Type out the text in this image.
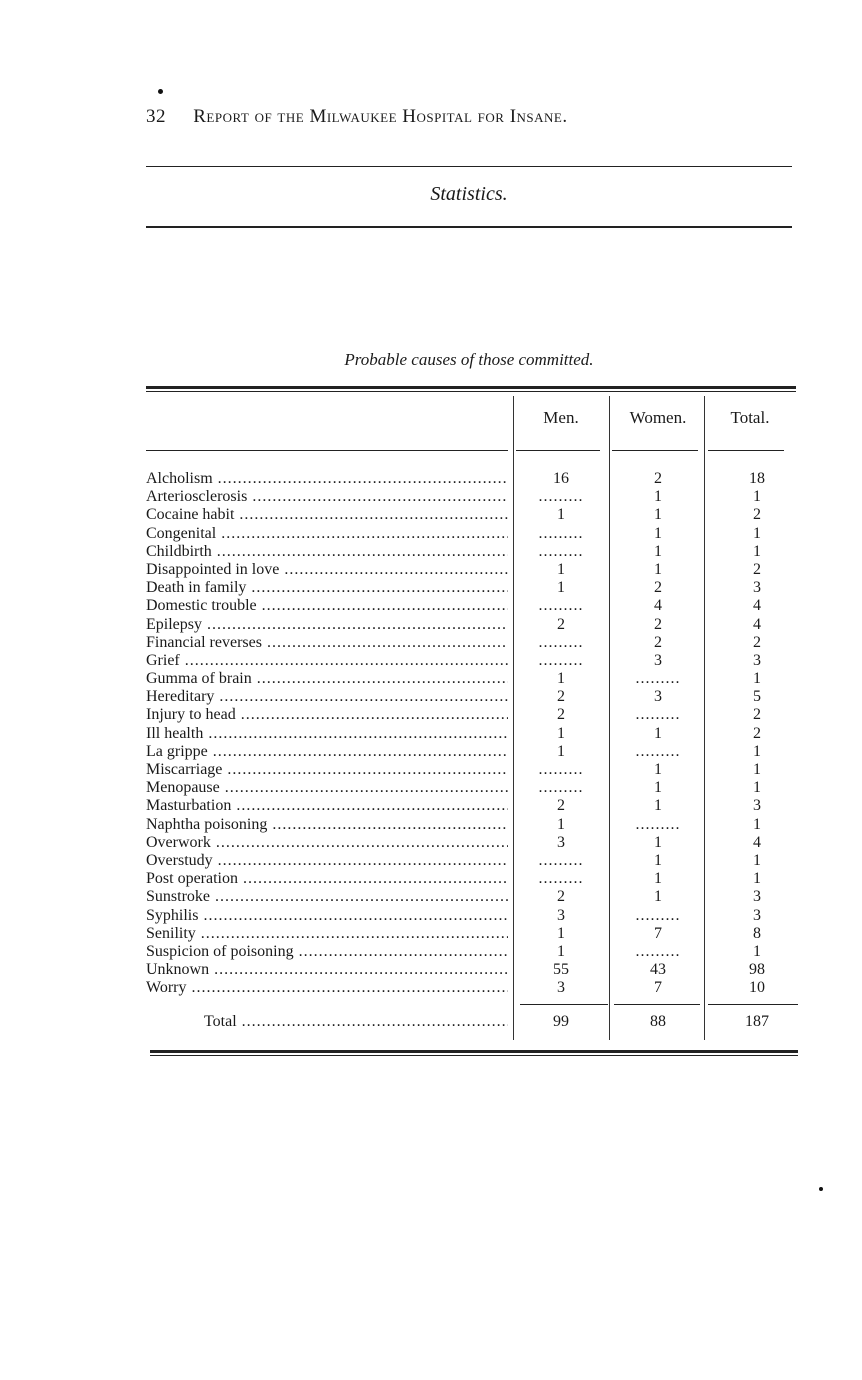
32 Report of the Milwaukee Hospital for Insane.
Statistics.
Probable causes of those committed.
Men.	Women.	Total.
Alcholism .....	16	2	18
Arteriosclerosis .....	.........	1	1
Cocaine habit .....	1	1	2
Congenital .....	.........	1	1
Childbirth .....	.........	1	1
Disappointed in love .....	1	1	2
Death in family .....	1	2	3
Domestic trouble .....	.........	4	4
Epilepsy .....	2	2	4
Financial reverses .....	.........	2	2
Grief .....	.........	3	3
Gumma of brain .....	1	.........	1
Hereditary .....	2	3	5
Injury to head .....	2	.........	2
Ill health .....	1	1	2
La grippe .....	1	.........	1
Miscarriage .....	.........	1	1
Menopause .....	.........	1	1
Masturbation .....	2	1	3
Naphtha poisoning .....	1	.........	1
Overwork .....	3	1	4
Overstudy .....	.........	1	1
Post operation .....	.........	1	1
Sunstroke .....	2	1	3
Syphilis .....	3	.........	3
Senility .....	1	7	8
Suspicion of poisoning .....	1	.........	1
Unknown .....	55	43	98
Worry .....	3	7	10
Total .....	99	88	187
